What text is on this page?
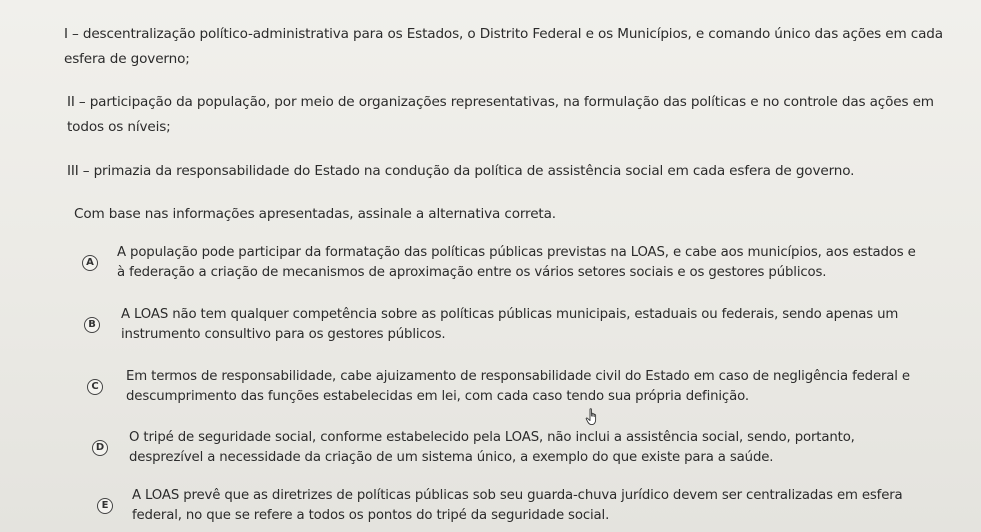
I – descentralização político-administrativa para os Estados, o Distrito Federal e os Municípios, e comando único das ações em cada esfera de governo;

II – participação da população, por meio de organizações representativas, na formulação das políticas e no controle das ações em todos os níveis;

III – primazia da responsabilidade do Estado na condução da política de assistência social em cada esfera de governo.

Com base nas informações apresentadas, assinale a alternativa correta.

A

A população pode participar da formatação das políticas públicas previstas na LOAS, e cabe aos municípios, aos estados e à federação a criação de mecanismos de aproximação entre os vários setores sociais e os gestores públicos.

B

A LOAS não tem qualquer competência sobre as políticas públicas municipais, estaduais ou federais, sendo apenas um instrumento consultivo para os gestores públicos.

C

Em termos de responsabilidade, cabe ajuizamento de responsabilidade civil do Estado em caso de negligência federal e descumprimento das funções estabelecidas em lei, com cada caso tendo sua própria definição.

D

O tripé de seguridade social, conforme estabelecido pela LOAS, não inclui a assistência social, sendo, portanto, desprezível a necessidade da criação de um sistema único, a exemplo do que existe para a saúde.

E

A LOAS prevê que as diretrizes de políticas públicas sob seu guarda-chuva jurídico devem ser centralizadas em esfera federal, no que se refere a todos os pontos do tripé da seguridade social.
